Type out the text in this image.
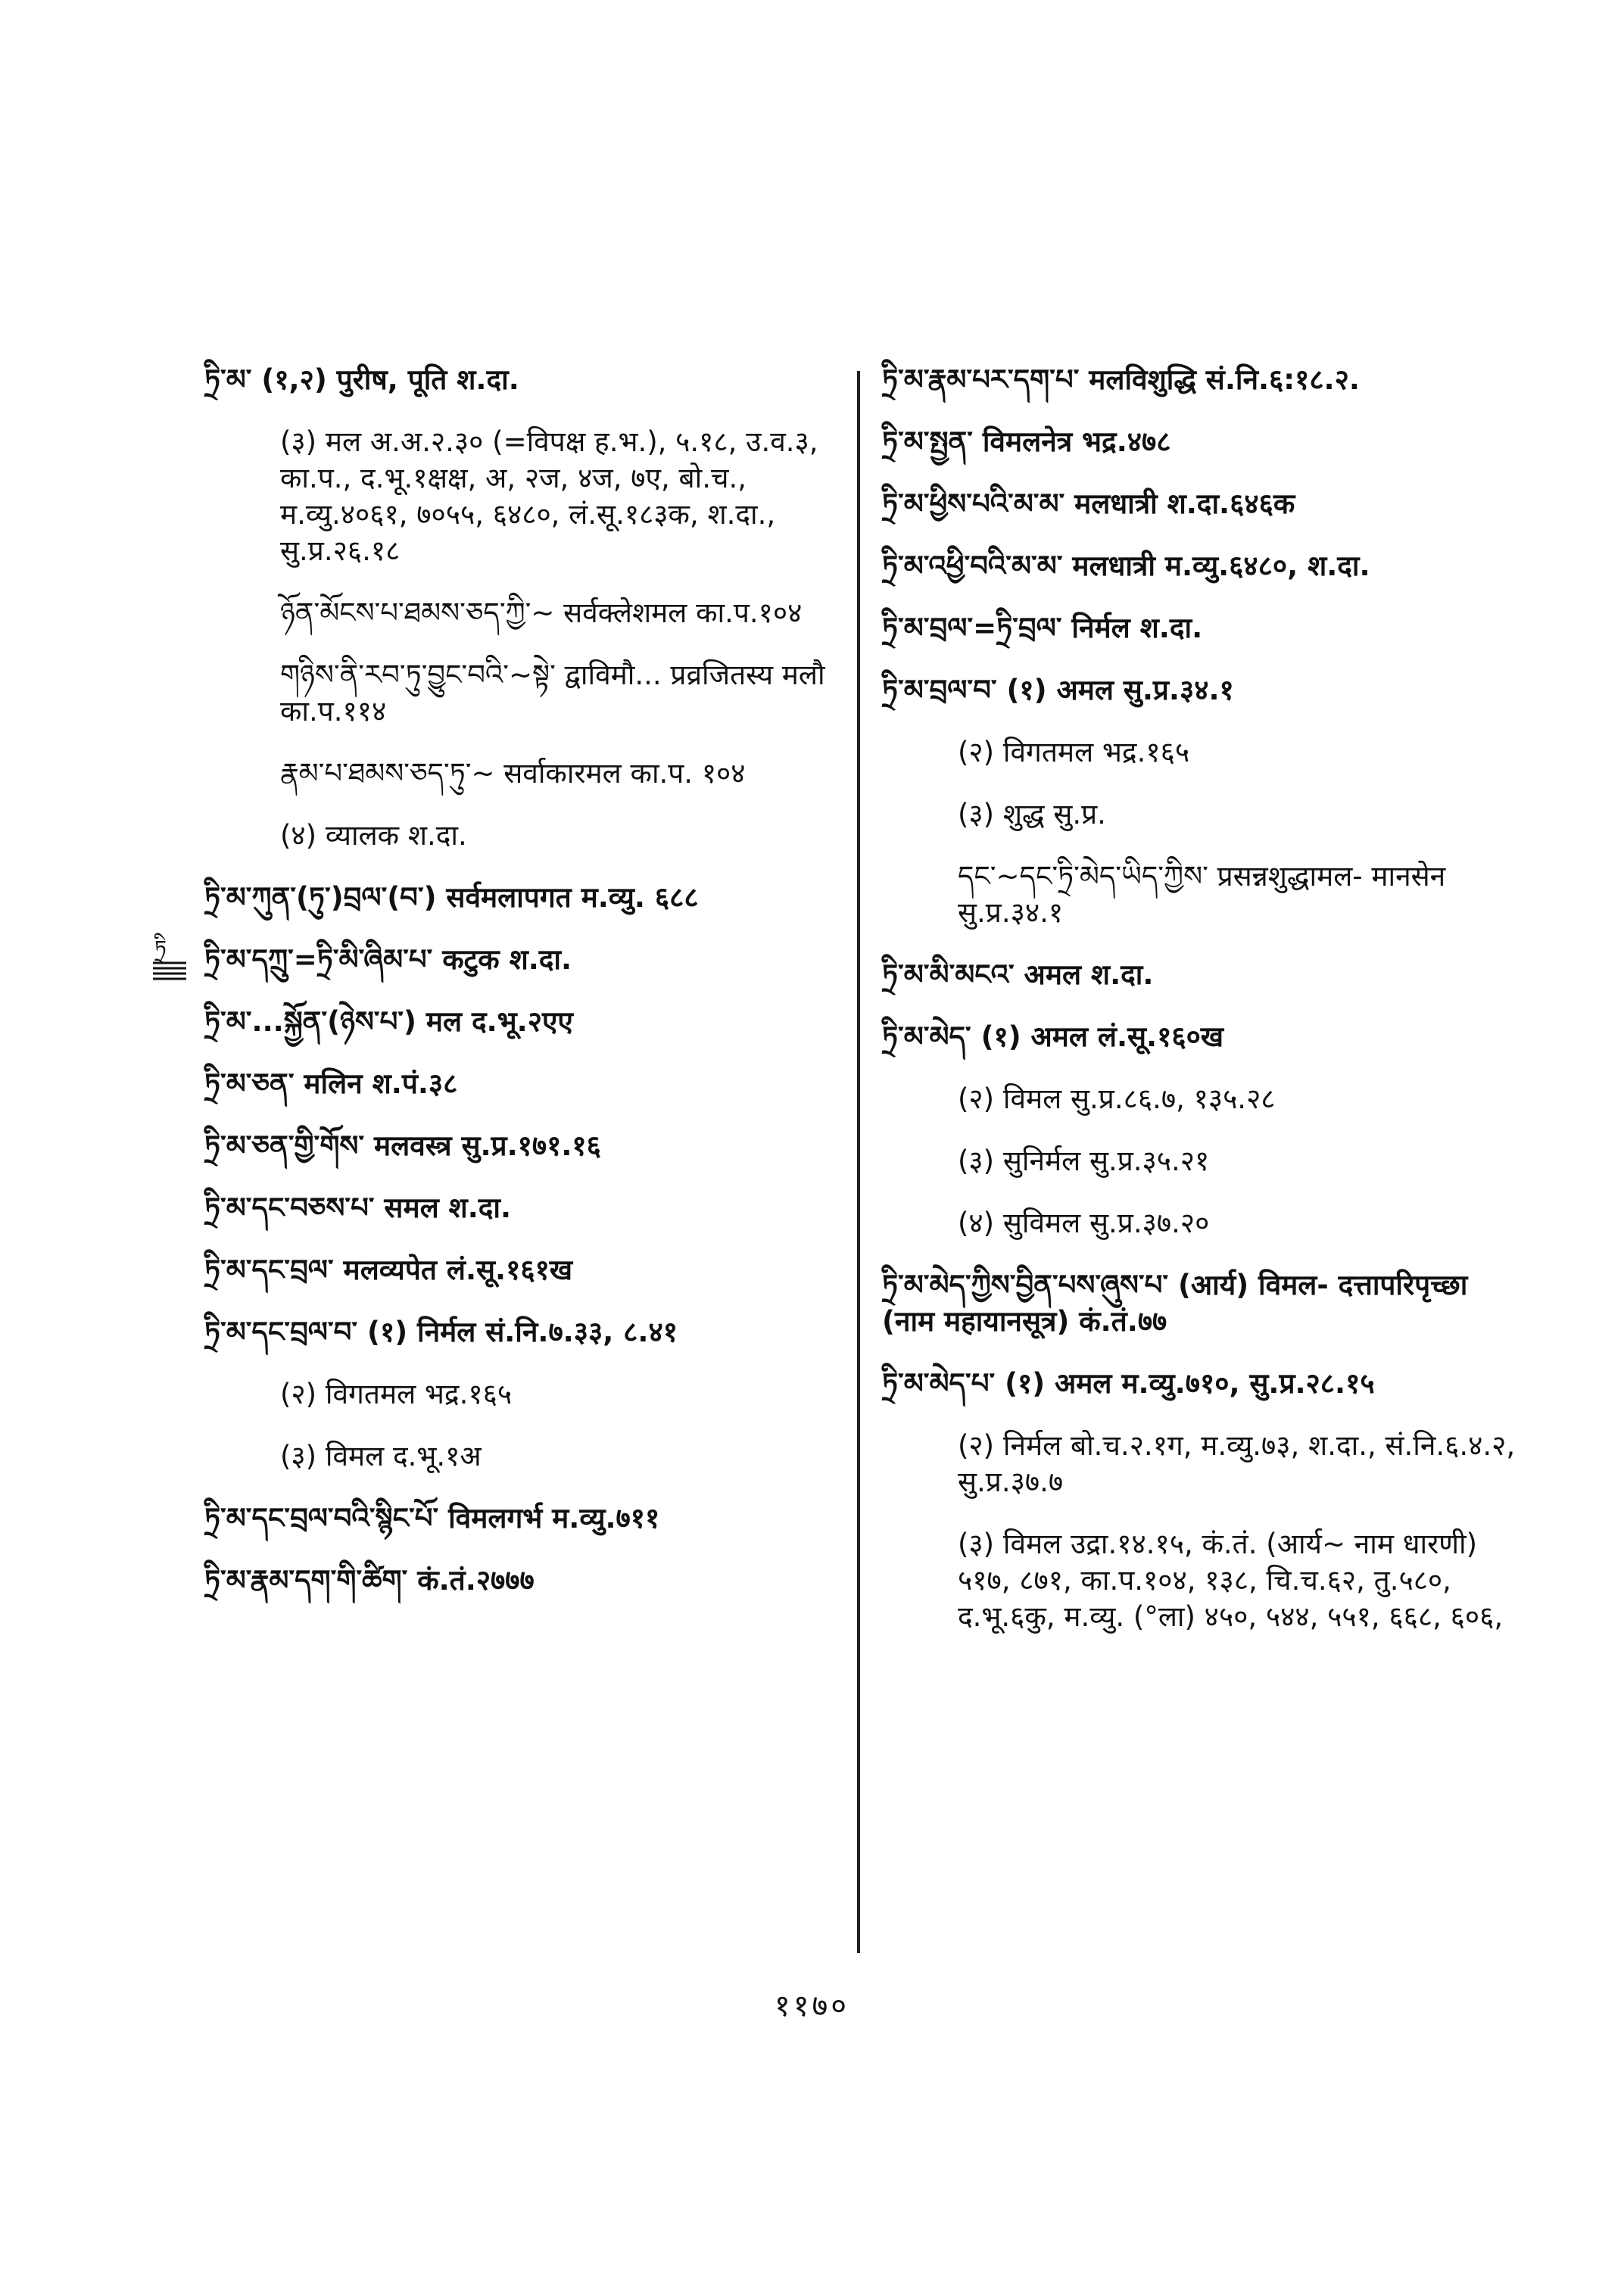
ཏྲི

ཏྲི་མ་ (१,२) पुरीष, पूति श.दा.

(३) मल अ.अ.२.३० (=विपक्ष ह.भ.), ५.१८, उ.व.३, का.प., द.भू.१क्षक्ष, अ, २ज, ४ज, ७ए, बो.च., म.व्यु.४०६१, ७०५५, ६४८०, लं.सू.१८३क, श.दा., सु.प्र.२६.१८

ཉོན་མོངས་པ་ཐམས་ཅད་ཀྱི་~ सर्वक्लेशमल का.प.१०४

གཉིས་ནི་རབ་ཏུ་བྱུང་བའི་~སྟེ་ द्वाविमौ... प्रव्रजितस्य मलौ का.प.११४

རྣམ་པ་ཐམས་ཅད་ཏུ་~ सर्वाकारमल का.प. १०४

(४) व्यालक श.दा.

ཏྲི་མ་ཀུན་(ཏུ་)བྲལ་(བ་) सर्वमलापगत म.व्यु. ६८८

ཏྲི་མ་དཀྲུ་=ཏྲི་མི་ཞིམ་པ་ कटुक श.दा.

ཏྲི་མ་...སྐྱོན་(ཉེས་པ་) मल द.भू.२एए

ཏྲི་མ་ཅན་ मलिन श.पं.३८

ཏྲི་མ་ཅན་གྱི་གོས་ मलवस्त्र सु.प्र.१७१.१६

ཏྲི་མ་དང་བཅས་པ་ समल श.दा.

ཏྲི་མ་དང་བྲལ་ मलव्यपेत लं.सू.१६१ख

ཏྲི་མ་དང་བྲལ་བ་ (१) निर्मल सं.नि.७.३३, ८.४१

(२) विगतमल भद्र.१६५

(३) विमल द.भू.१अ

ཏྲི་མ་དང་བྲལ་བའི་སྙིང་པོ་ विमलगर्भ म.व्यु.७११

ཏྲི་མ་རྣམ་དག་གི་ཚིག་ कं.तं.२७७७

ཏྲི་མ་རྣམ་པར་དག་པ་ मलविशुद्धि सं.नि.६:१८.२.

ཏྲི་མ་སྤྱན་ विमलनेत्र भद्र.४७८

ཏྲི་མ་ཕྱིས་པའི་མ་མ་ मलधात्री श.दा.६४६क

ཏྲི་མ་འཕྱི་བའི་མ་མ་ मलधात्री म.व्यु.६४८०, श.दा.

ཏྲི་མ་བྲལ་=ཏྲི་བྲལ་ निर्मल श.दा.

ཏྲི་མ་བྲལ་བ་ (१) अमल सु.प्र.३४.१

(२) विगतमल भद्र.१६५

(३) शुद्ध सु.प्र.

དང་~དང་ཏྲི་མེད་ཡིད་ཀྱིས་ प्रसन्नशुद्धामल- मानसेन सु.प्र.३४.१

ཏྲི་མ་མི་མངའ་ अमल श.दा.

ཏྲི་མ་མེད་ (१) अमल लं.सू.१६०ख

(२) विमल सु.प्र.८६.७, १३५.२८

(३) सुनिर्मल सु.प्र.३५.२१

(४) सुविमल सु.प्र.३७.२०

ཏྲི་མ་མེད་ཀྱིས་བྱིན་པས་ཞུས་པ་ (आर्य) विमल- दत्तापरिपृच्छा (नाम महायानसूत्र) कं.तं.७७

ཏྲི་མ་མེད་པ་ (१) अमल म.व्यु.७१०, सु.प्र.२८.१५

(२) निर्मल बो.च.२.१ग, म.व्यु.७३, श.दा., सं.नि.६.४.२, सु.प्र.३७.७

(३) विमल उद्रा.१४.१५, कं.तं. (आर्य~ नाम धारणी) ५१७, ८७१, का.प.१०४, १३८, चि.च.६२, तु.५८०, द.भू.६कु, म.व्यु. (°ला) ४५०, ५४४, ५५१, ६६८, ६०६,

११७०
